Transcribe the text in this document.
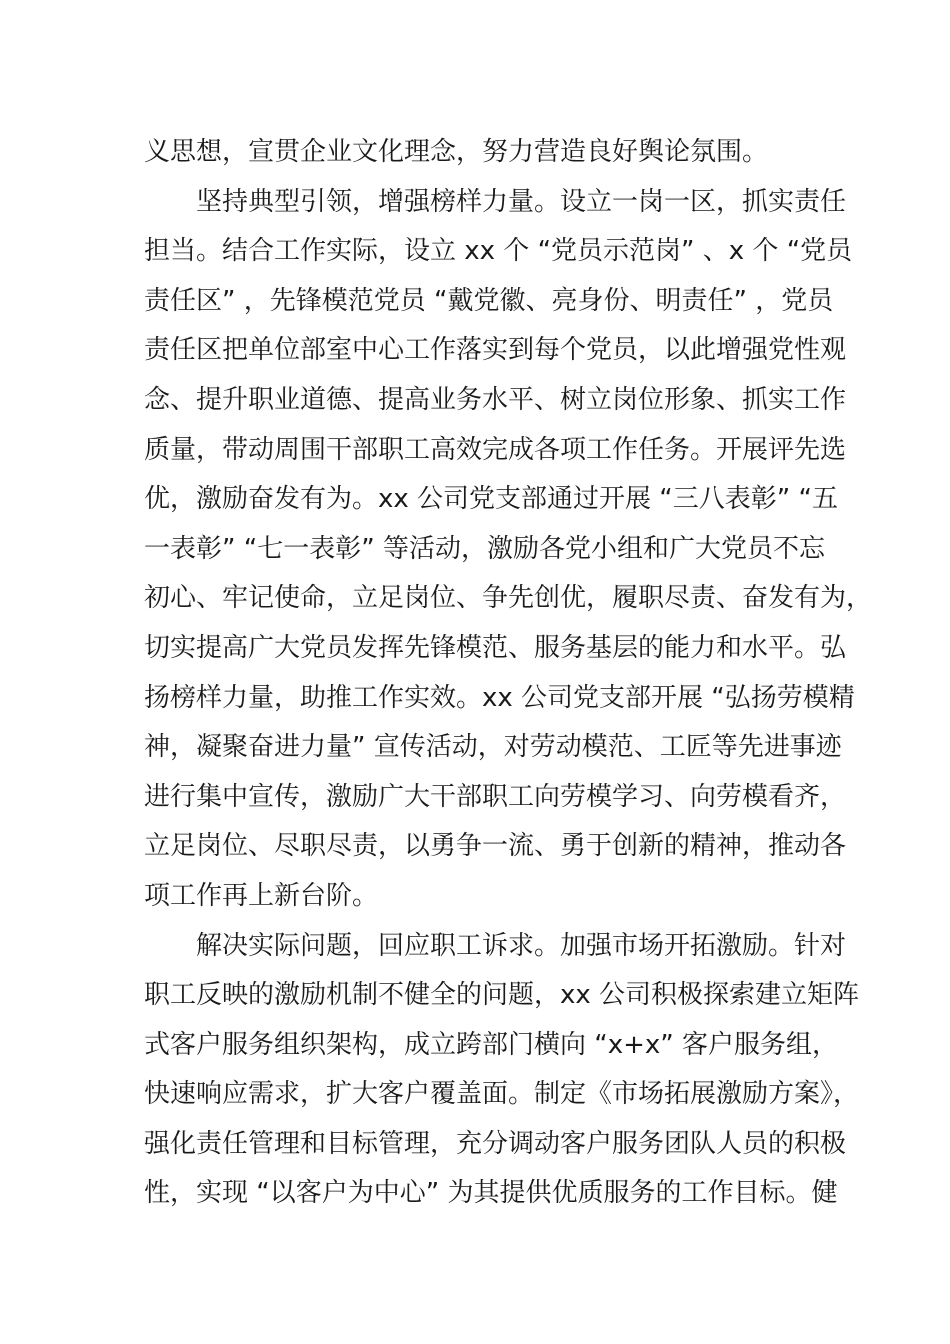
义思想，宣贯企业文化理念，努力营造良好舆论氛围。
坚持典型引领，增强榜样力量。设立一岗一区，抓实责任
担当。结合工作实际，设立 xx 个 “党员示范岗” 、x 个 “党员
责任区” ，先锋模范党员 “戴党徽、亮身份、明责任” ，党员
责任区把单位部室中心工作落实到每个党员，以此增强党性观
念、提升职业道德、提高业务水平、树立岗位形象、抓实工作
质量，带动周围干部职工高效完成各项工作任务。开展评先选
优，激励奋发有为。xx 公司党支部通过开展 “三八表彰” “五
一表彰” “七一表彰” 等活动，激励各党小组和广大党员不忘
初心、牢记使命，立足岗位、争先创优，履职尽责、奋发有为，
切实提高广大党员发挥先锋模范、服务基层的能力和水平。弘
扬榜样力量，助推工作实效。xx 公司党支部开展 “弘扬劳模精
神，凝聚奋进力量” 宣传活动，对劳动模范、工匠等先进事迹
进行集中宣传，激励广大干部职工向劳模学习、向劳模看齐，
立足岗位、尽职尽责，以勇争一流、勇于创新的精神，推动各
项工作再上新台阶。
解决实际问题，回应职工诉求。加强市场开拓激励。针对
职工反映的激励机制不健全的问题，xx 公司积极探索建立矩阵
式客户服务组织架构，成立跨部门横向 “x+x” 客户服务组，
快速响应需求，扩大客户覆盖面。制定《市场拓展激励方案》，
强化责任管理和目标管理，充分调动客户服务团队人员的积极
性，实现 “以客户为中心” 为其提供优质服务的工作目标。健
